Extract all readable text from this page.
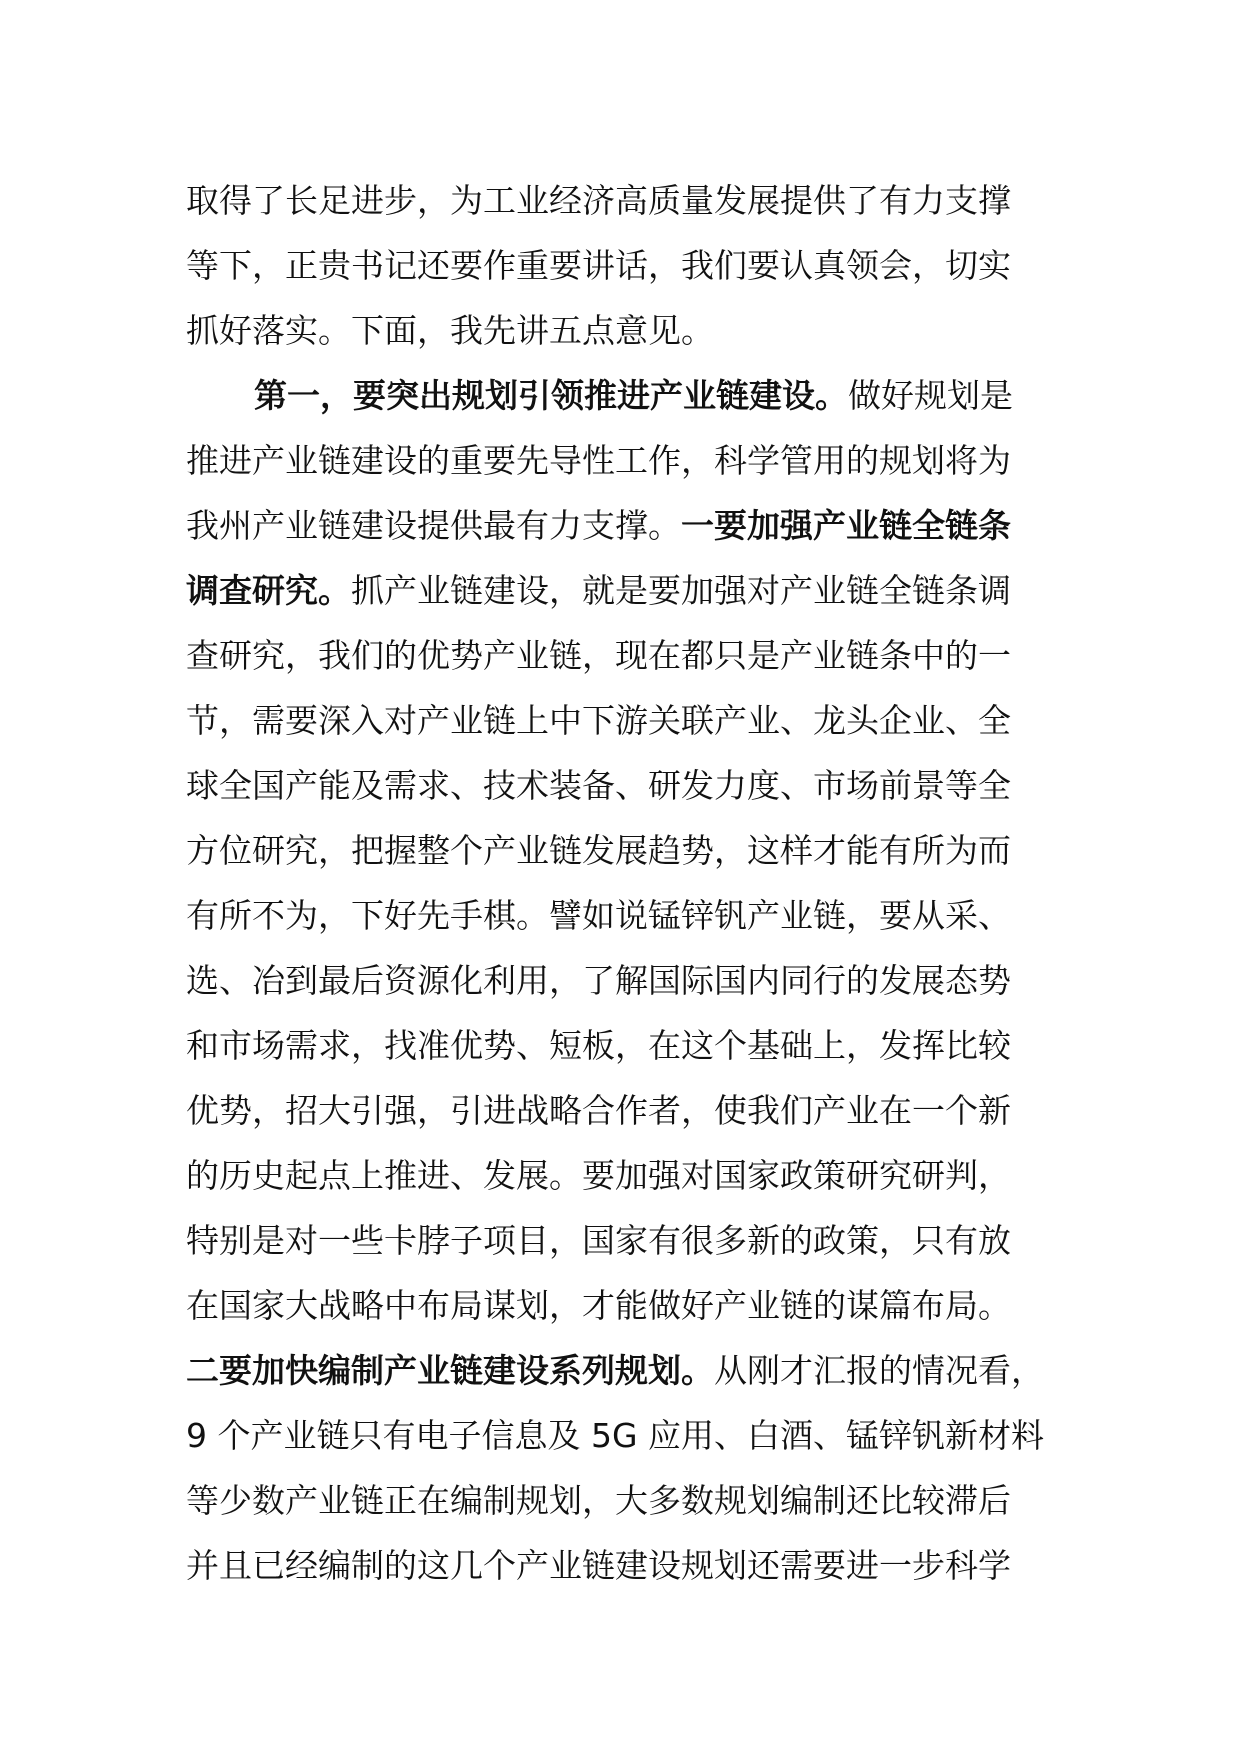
取得了长足进步，为工业经济高质量发展提供了有力支撑
等下，正贵书记还要作重要讲话，我们要认真领会，切实
抓好落实。下面，我先讲五点意见。
第一，要突出规划引领推进产业链建设。做好规划是
推进产业链建设的重要先导性工作，科学管用的规划将为
我州产业链建设提供最有力支撑。一要加强产业链全链条
调查研究。抓产业链建设，就是要加强对产业链全链条调
查研究，我们的优势产业链，现在都只是产业链条中的一
节，需要深入对产业链上中下游关联产业、龙头企业、全
球全国产能及需求、技术装备、研发力度、市场前景等全
方位研究，把握整个产业链发展趋势，这样才能有所为而
有所不为，下好先手棋。譬如说锰锌钒产业链，要从采、
选、冶到最后资源化利用，了解国际国内同行的发展态势
和市场需求，找准优势、短板，在这个基础上，发挥比较
优势，招大引强，引进战略合作者，使我们产业在一个新
的历史起点上推进、发展。要加强对国家政策研究研判，
特别是对一些卡脖子项目，国家有很多新的政策，只有放
在国家大战略中布局谋划，才能做好产业链的谋篇布局。
二要加快编制产业链建设系列规划。从刚才汇报的情况看，
9 个产业链只有电子信息及 5G 应用、白酒、锰锌钒新材料
等少数产业链正在编制规划，大多数规划编制还比较滞后
并且已经编制的这几个产业链建设规划还需要进一步科学
